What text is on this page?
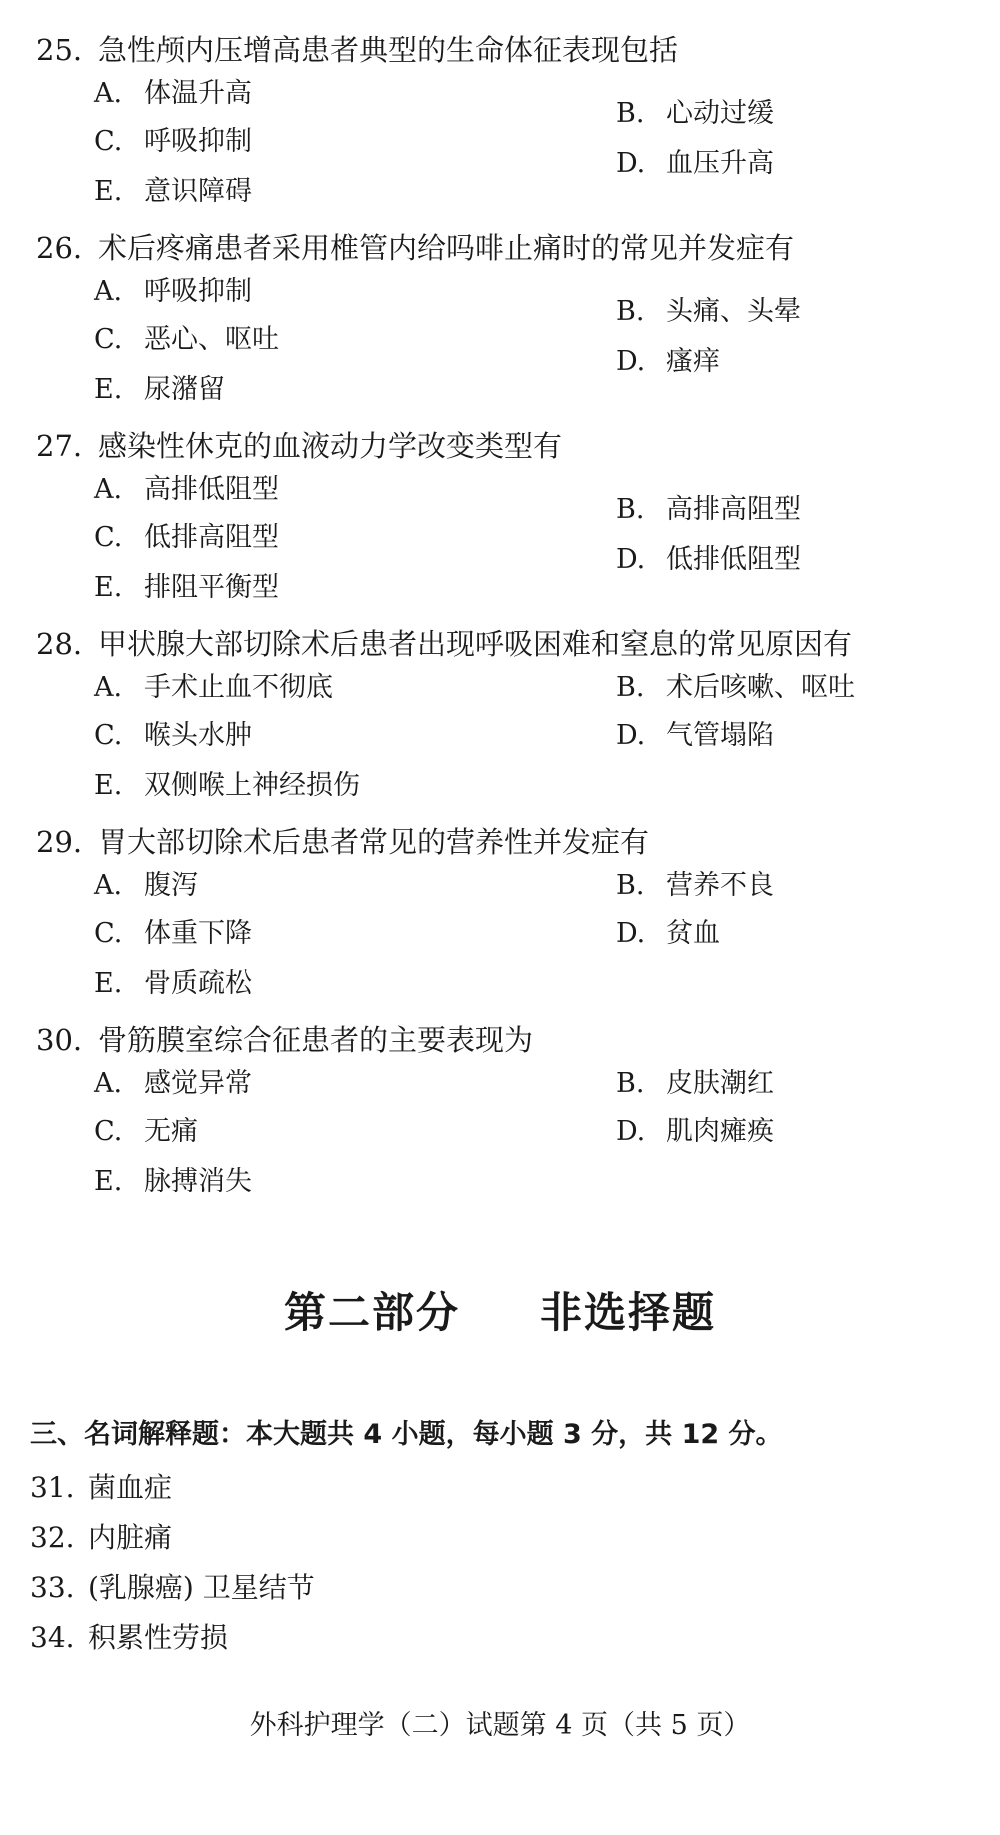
25. 急性颅内压增高患者典型的生命体征表现包括
A. 体温升高
B. 心动过缓
C. 呼吸抑制
D. 血压升高
E. 意识障碍
26. 术后疼痛患者采用椎管内给吗啡止痛时的常见并发症有
A. 呼吸抑制
B. 头痛、头晕
C. 恶心、呕吐
D. 瘙痒
E. 尿潴留
27. 感染性休克的血液动力学改变类型有
A. 高排低阻型
B. 高排高阻型
C. 低排高阻型
D. 低排低阻型
E. 排阻平衡型
28. 甲状腺大部切除术后患者出现呼吸困难和窒息的常见原因有
A. 手术止血不彻底	B. 术后咳嗽、呕吐
C. 喉头水肿	D. 气管塌陷
E. 双侧喉上神经损伤
29. 胃大部切除术后患者常见的营养性并发症有
A. 腹泻	B. 营养不良
C. 体重下降	D. 贫血
E. 骨质疏松
30. 骨筋膜室综合征患者的主要表现为
A. 感觉异常	B. 皮肤潮红
C. 无痛	D. 肌肉瘫痪
E. 脉搏消失
第二部分 非选择题
三、名词解释题：本大题共 4 小题，每小题 3 分，共 12 分。
31. 菌血症
32. 内脏痛
33. (乳腺癌) 卫星结节
34. 积累性劳损
外科护理学（二）试题第 4 页（共 5 页）
